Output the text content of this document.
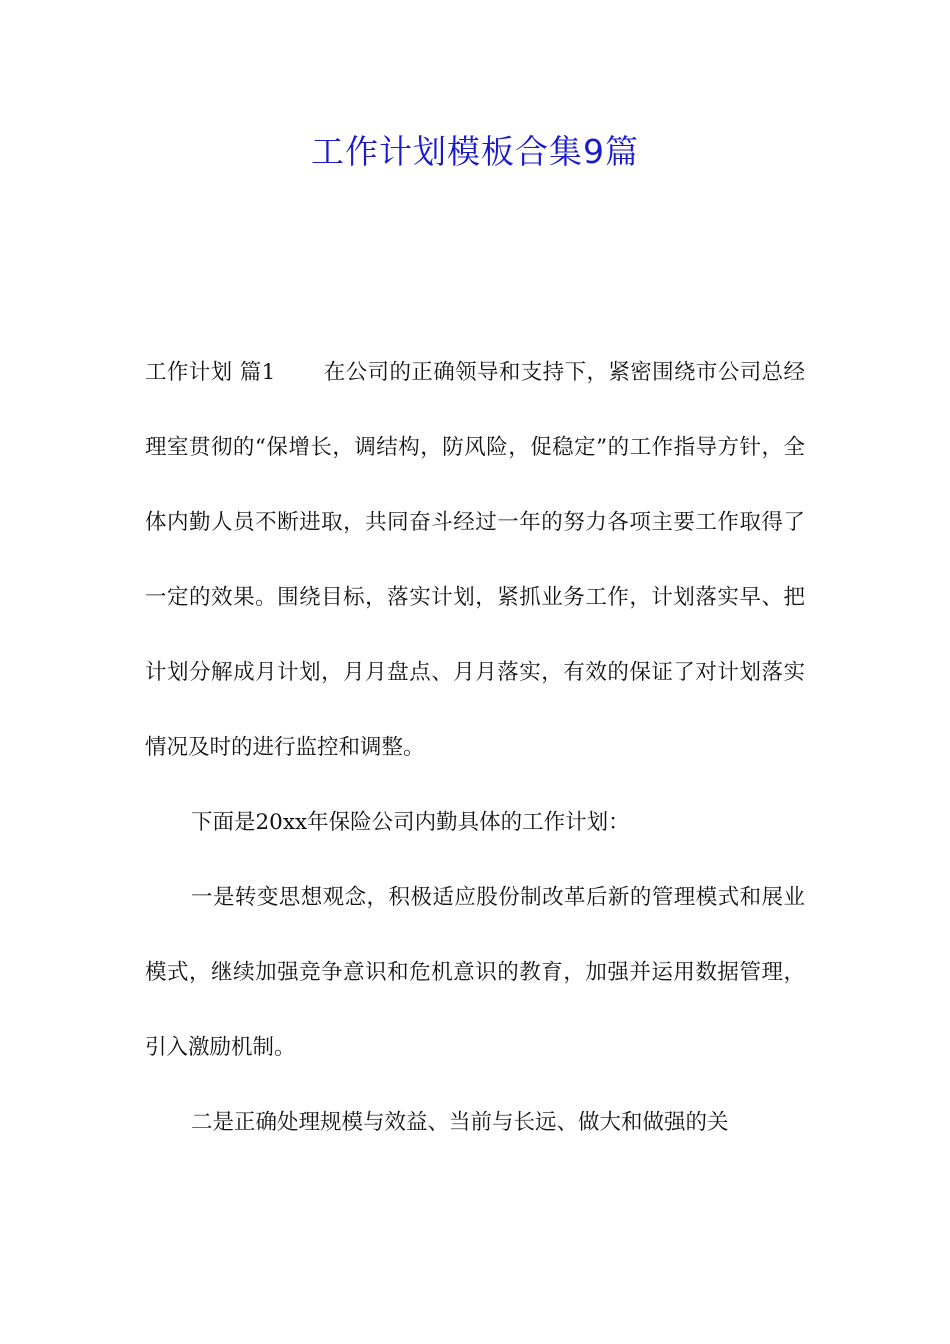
工作计划模板合集9篇

工作计划 篇1 在公司的正确领导和支持下，紧密围绕市公司总经理室贯彻的“保增长，调结构，防风险，促稳定”的工作指导方针，全体内勤人员不断进取，共同奋斗经过一年的努力各项主要工作取得了一定的效果。围绕目标，落实计划，紧抓业务工作，计划落实早、把计划分解成月计划，月月盘点、月月落实，有效的保证了对计划落实情况及时的进行监控和调整。

下面是20xx年保险公司内勤具体的工作计划：

一是转变思想观念，积极适应股份制改革后新的管理模式和展业模式，继续加强竞争意识和危机意识的教育，加强并运用数据管理，引入激励机制。

二是正确处理规模与效益、当前与长远、做大和做强的关
